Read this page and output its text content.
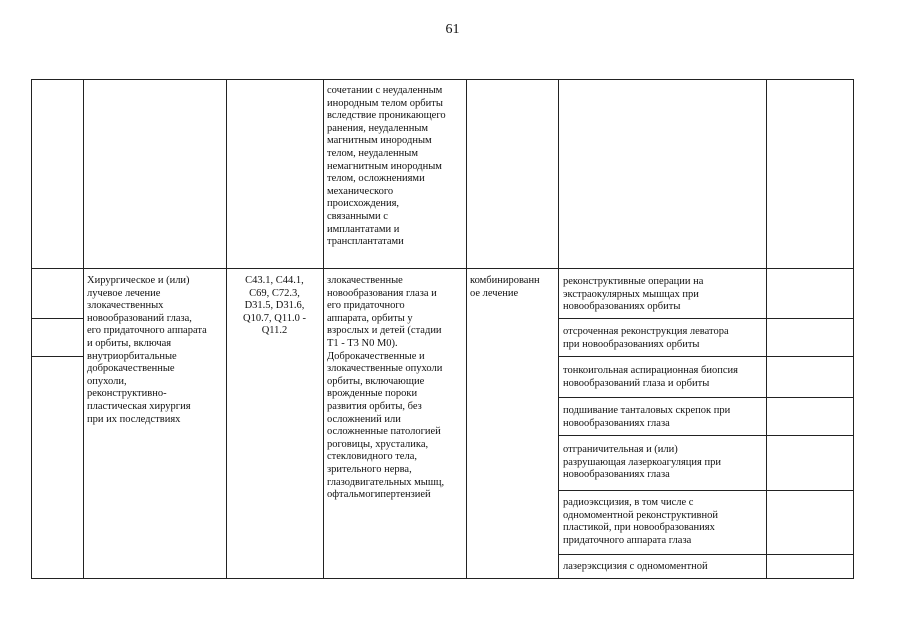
61
сочетании с неудаленным
инородным телом орбиты
вследствие проникающего
ранения, неудаленным
магнитным инородным
телом, неудаленным
немагнитным инородным
телом, осложнениями
механического
происхождения,
связанными с
имплантатами и
трансплантатами
Хирургическое и (или)
лучевое лечение
злокачественных
новообразований глаза,
его придаточного аппарата
и орбиты, включая
внутриорбитальные
доброкачественные
опухоли,
реконструктивно-
пластическая хирургия
при их последствиях
C43.1, C44.1,
C69, C72.3,
D31.5, D31.6,
Q10.7, Q11.0 -
Q11.2
злокачественные
новообразования глаза и
его придаточного
аппарата, орбиты у
взрослых и детей (стадии
T1 - T3 N0 M0).
Доброкачественные и
злокачественные опухоли
орбиты, включающие
врожденные пороки
развития орбиты, без
осложнений или
осложненные патологией
роговицы, хрусталика,
стекловидного тела,
зрительного нерва,
глазодвигательных мышц,
офтальмогипертензией
комбинированн
ое лечение
реконструктивные операции на
экстраокулярных мышцах при
новообразованиях орбиты
отсроченная реконструкция леватора
при новообразованиях орбиты
тонкоигольная аспирационная биопсия
новообразований глаза и орбиты
подшивание танталовых скрепок при
новообразованиях глаза
отграничительная и (или)
разрушающая лазеркоагуляция при
новообразованиях глаза
радиоэксцизия, в том числе с
одномоментной реконструктивной
пластикой, при новообразованиях
придаточного аппарата глаза
лазерэксцизия с одномоментной
